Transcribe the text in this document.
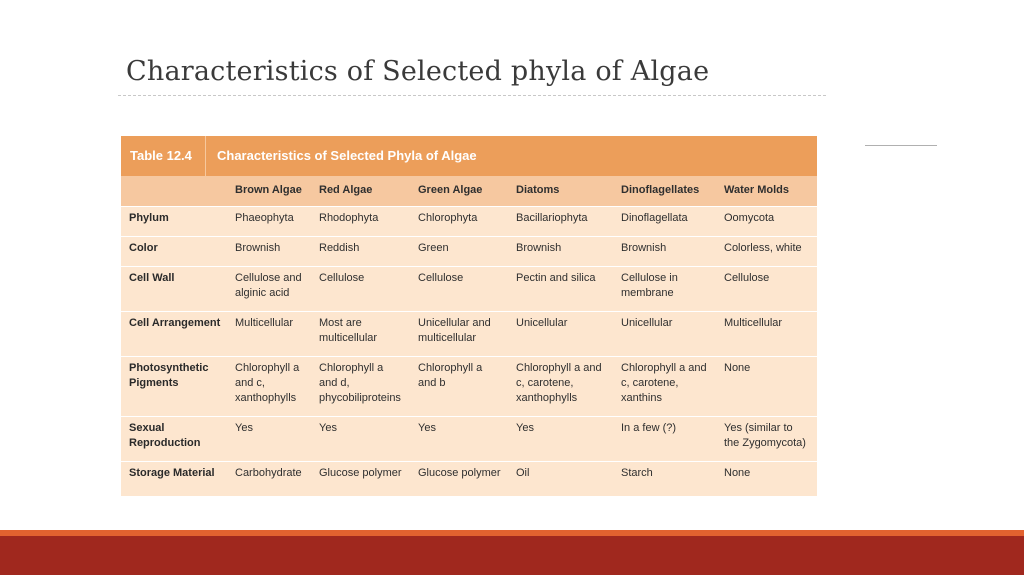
Characteristics of Selected phyla of Algae
Table 12.4 Characteristics of Selected Phyla of Algae
	Brown Algae	Red Algae	Green Algae	Diatoms	Dinoflagellates	Water Molds
Phylum	Phaeophyta	Rhodophyta	Chlorophyta	Bacillariophyta	Dinoflagellata	Oomycota
Color	Brownish	Reddish	Green	Brownish	Brownish	Colorless, white
Cell Wall	Cellulose and alginic acid	Cellulose	Cellulose	Pectin and silica	Cellulose in membrane	Cellulose
Cell Arrangement	Multicellular	Most are multicellular	Unicellular and multicellular	Unicellular	Unicellular	Multicellular
Photosynthetic Pigments	Chlorophyll a and c, xanthophylls	Chlorophyll a and d, phycobiliproteins	Chlorophyll a and b	Chlorophyll a and c, carotene, xanthophylls	Chlorophyll a and c, carotene, xanthins	None
Sexual Reproduction	Yes	Yes	Yes	Yes	In a few (?)	Yes (similar to the Zygomycota)
Storage Material	Carbohydrate	Glucose polymer	Glucose polymer	Oil	Starch	None
